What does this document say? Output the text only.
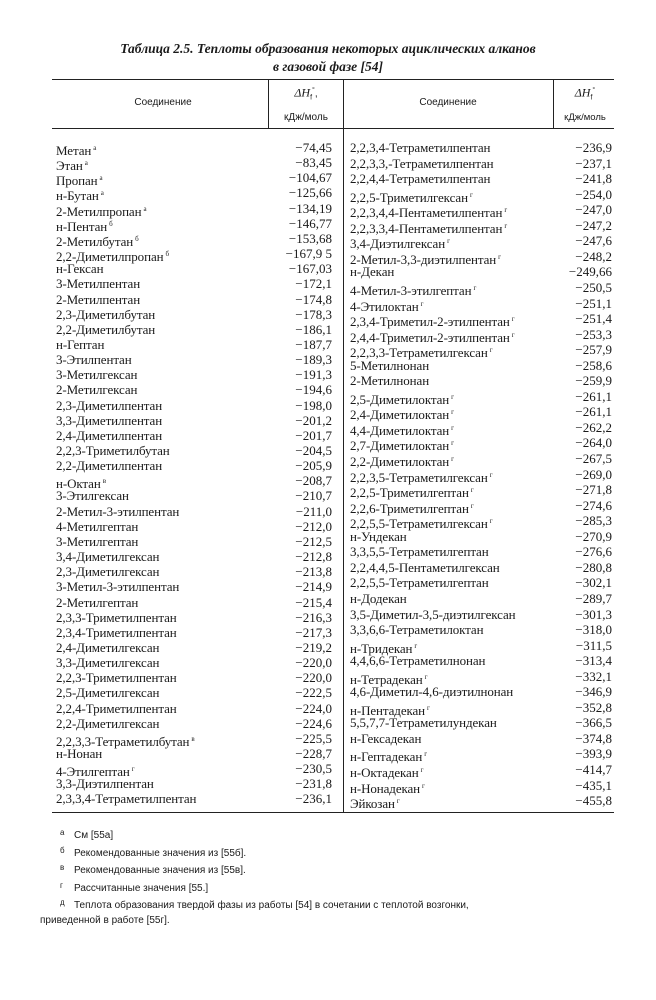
Таблица 2.5. Теплоты образования некоторых ациклических алканов
в газовой фазе [54]
Соединение
$\Delta H_f^\circ$,
кДж/моль
Соединение
$\Delta H_f^\circ$
кДж/моль
Метан $^а$	−74,45
Этан $^а$	−83,45
Пропан $^а$	−104,67
н-Бутан $^а$	−125,66
2-Метилпропан $^а$	−134,19
н-Пентан $^б$	−146,77
2-Метилбутан $^б$	−153,68
2,2-Диметилпропан $^б$	−167,9 5
н-Гексан	−167,03
3-Метилпентан	−172,1
2-Метилпентан	−174,8
2,3-Диметилбутан	−178,3
2,2-Диметилбутан	−186,1
н-Гептан	−187,7
3-Этилпентан	−189,3
3-Метилгексан	−191,3
2-Метилгексан	−194,6
2,3-Диметилпентан	−198,0
3,3-Диметилпентан	−201,2
2,4-Диметилпентан	−201,7
2,2,3-Триметилбутан	−204,5
2,2-Диметилпентан	−205,9
н-Октан $^в$	−208,7
3-Этилгексан	−210,7
2-Метил-3-этилпентан	−211,0
4-Метилгептан	−212,0
3-Метилгептан	−212,5
3,4-Диметилгексан	−212,8
2,3-Диметилгексан	−213,8
3-Метил-3-этилпентан	−214,9
2-Метилгептан	−215,4
2,3,3-Триметилпентан	−216,3
2,3,4-Триметилпентан	−217,3
2,4-Диметилгексан	−219,2
3,3-Диметилгексан	−220,0
2,2,3-Триметилпентан	−220,0
2,5-Диметилгексан	−222,5
2,2,4-Триметилпентан	−224,0
2,2-Диметилгексан	−224,6
2,2,3,3-Тетраметилбутан $^в$	−225,5
н-Нонан	−228,7
4-Этилгептан $^г$	−230,5
3,3-Диэтилпентан	−231,8
2,3,3,4-Тетраметилпентан	−236,1
2,2,3,4-Тетраметилпентан	−236,9
2,2,3,3,-Тетраметилпентан	−237,1
2,2,4,4-Тетраметилпентан	−241,8
2,2,5-Триметилгексан $^г$	−254,0
2,2,3,4,4-Пентаметилпентан $^г$	−247,0
2,2,3,3,4-Пентаметилпентан $^г$	−247,2
3,4-Диэтилгексан $^г$	−247,6
2-Метил-3,3-диэтилпентан $^г$	−248,2
н-Декан	−249,66
4-Метил-3-этилгептан $^г$	−250,5
4-Этилоктан $^г$	−251,1
2,3,4-Триметил-2-этилпентан $^г$	−251,4
2,4,4-Триметил-2-этилпентан $^г$	−253,3
2,2,3,3-Тетраметилгексан $^г$	−257,9
5-Метилнонан	−258,6
2-Метилнонан	−259,9
2,5-Диметилоктан $^г$	−261,1
2,4-Диметилоктан $^г$	−261,1
4,4-Диметилоктан $^г$	−262,2
2,7-Диметилоктан $^г$	−264,0
2,2-Диметилоктан $^г$	−267,5
2,2,3,5-Тетраметилгексан $^г$	−269,0
2,2,5-Триметилгептан $^г$	−271,8
2,2,6-Триметилгептан $^г$	−274,6
2,2,5,5-Тетраметилгексан $^г$	−285,3
н-Ундекан	−270,9
3,3,5,5-Тетраметилгептан	−276,6
2,2,4,4,5-Пентаметилгексан	−280,8
2,2,5,5-Тетраметилгептан	−302,1
н-Додекан	−289,7
3,5-Диметил-3,5-диэтилгексан	−301,3
3,3,6,6-Тетраметилоктан	−318,0
н-Тридекан $^г$	−311,5
4,4,6,6-Тетраметилнонан	−313,4
н-Тетрадекан $^г$	−332,1
4,6-Диметил-4,6-диэтилнонан	−346,9
н-Пентадекан $^г$	−352,8
5,5,7,7-Тетраметилундекан	−366,5
н-Гексадекан	−374,8
н-Гептадекан $^г$	−393,9
н-Октадекан $^г$	−414,7
н-Нонадекан $^г$	−435,1
Эйкозан $^г$	−455,8
а См [55а]
б Рекомендованные значения из [55б].
в Рекомендованные значения из [55в].
г Рассчитанные значения [55.]
д Теплота образования твердой фазы из работы [54] в сочетании с теплотой возгонки,
приведенной в работе [55г].
